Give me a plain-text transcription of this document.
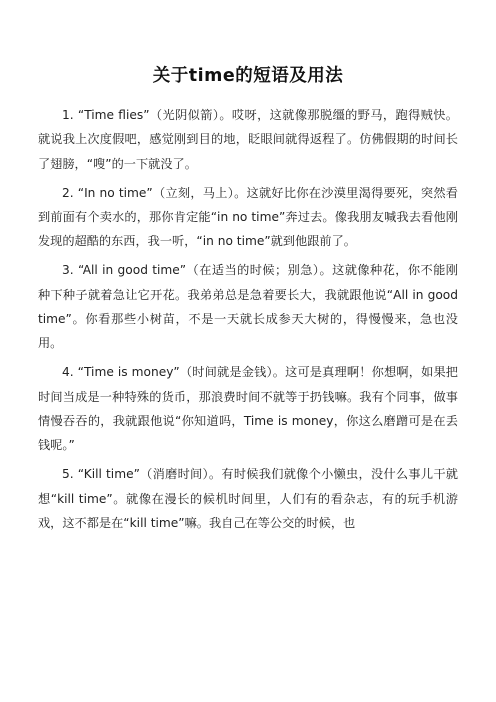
关于time的短语及用法

1. “Time flies”（光阴似箭）。哎呀，这就像那脱缰的野马，跑得贼快。就说我上次度假吧，感觉刚到目的地，眨眼间就得返程了。仿佛假期的时间长了翅膀，“嗖”的一下就没了。

2. “In no time”（立刻，马上）。这就好比你在沙漠里渴得要死，突然看到前面有个卖水的，那你肯定能“in no time”奔过去。像我朋友喊我去看他刚发现的超酷的东西，我一听，“in no time”就到他跟前了。

3. “All in good time”（在适当的时候；别急）。这就像种花，你不能刚种下种子就着急让它开花。我弟弟总是急着要长大，我就跟他说“All in good time”。你看那些小树苗，不是一天就长成参天大树的，得慢慢来，急也没用。

4. “Time is money”（时间就是金钱）。这可是真理啊！你想啊，如果把时间当成是一种特殊的货币，那浪费时间不就等于扔钱嘛。我有个同事，做事情慢吞吞的，我就跟他说“你知道吗，Time is money，你这么磨蹭可是在丢钱呢。”

5. “Kill time”（消磨时间）。有时候我们就像个小懒虫，没什么事儿干就想“kill time”。就像在漫长的候机时间里，人们有的看杂志，有的玩手机游戏，这不都是在“kill time”嘛。我自己在等公交的时候，也
